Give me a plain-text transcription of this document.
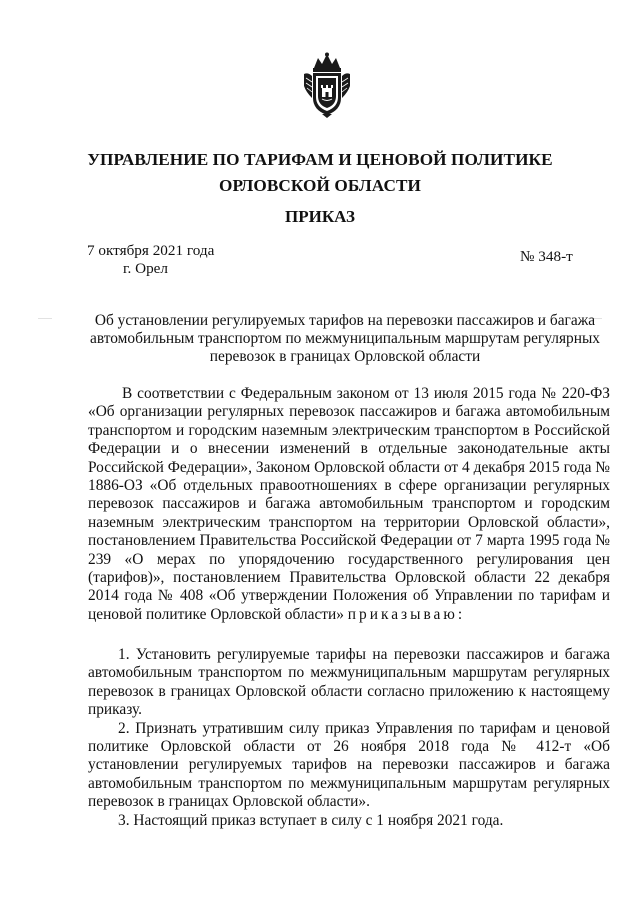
УПРАВЛЕНИЕ ПО ТАРИФАМ И ЦЕНОВОЙ ПОЛИТИКЕ
ОРЛОВСКОЙ ОБЛАСТИ
ПРИКАЗ
7 октября 2021 года
г. Орел
№ 348-т
Об установлении регулируемых тарифов на перевозки пассажиров и багажа автомобильным транспортом по межмуниципальным маршрутам регулярных перевозок в границах Орловской области

В соответствии с Федеральным законом от 13 июля 2015 года № 220-ФЗ «Об организации регулярных перевозок пассажиров и багажа автомобильным транспортом и городским наземным электрическим транспортом в Российской Федерации и о внесении изменений в отдельные законодательные акты Российской Федерации», Законом Орловской области от 4 декабря 2015 года № 1886-ОЗ «Об отдельных правоотношениях в сфере организации регулярных перевозок пассажиров и багажа автомобильным транспортом и городским наземным электрическим транспортом на территории Орловской области», постановлением Правительства Российской Федерации от 7 марта 1995 года № 239 «О мерах по упорядочению государственного регулирования цен (тарифов)», постановлением Правительства Орловской области 22 декабря 2014 года № 408 «Об утверждении Положения об Управлении по тарифам и ценовой политике Орловской области» приказываю:

1. Установить регулируемые тарифы на перевозки пассажиров и багажа автомобильным транспортом по межмуниципальным маршрутам регулярных перевозок в границах Орловской области согласно приложению к настоящему приказу.

2. Признать утратившим силу приказ Управления по тарифам и ценовой политике Орловской области от 26 ноября 2018 года № 412-т «Об установлении регулируемых тарифов на перевозки пассажиров и багажа автомобильным транспортом по межмуниципальным маршрутам регулярных перевозок в границах Орловской области».

3. Настоящий приказ вступает в силу с 1 ноября 2021 года.
